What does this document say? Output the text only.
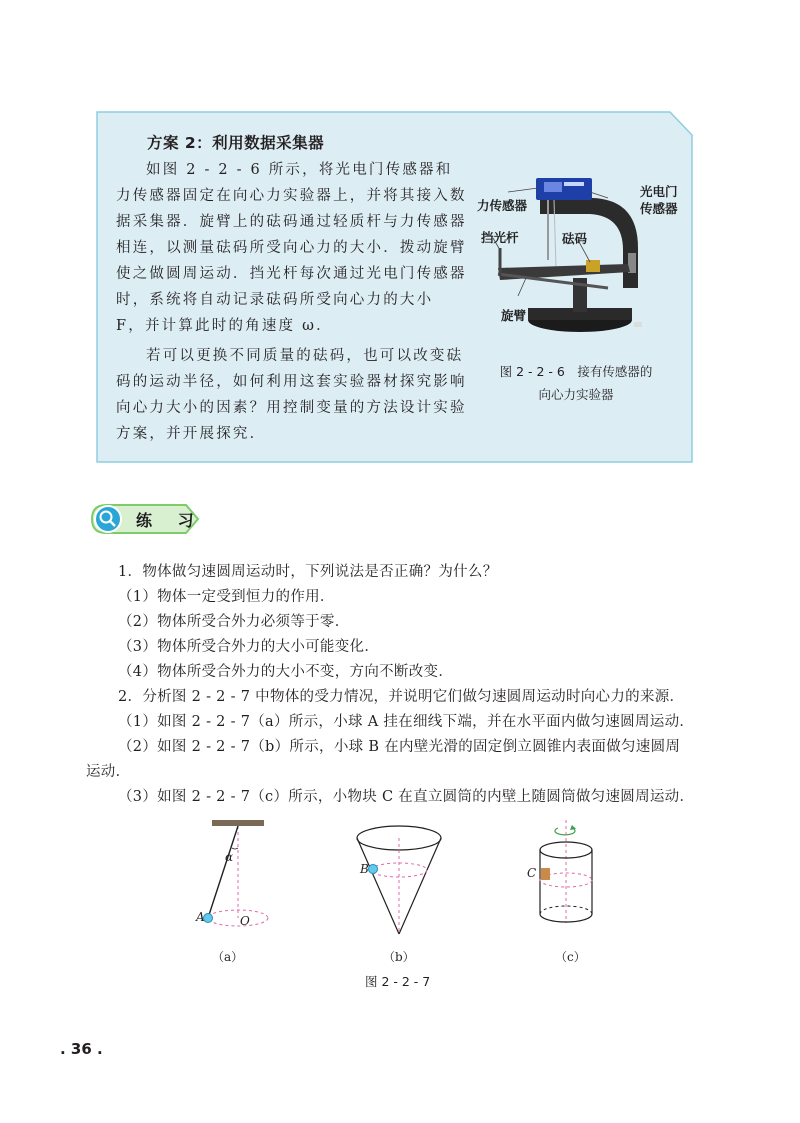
方案 2：利用数据采集器

如图 2 - 2 - 6 所示，将光电门传感器和力传感器固定在向心力实验器上，并将其接入数据采集器．旋臂上的砝码通过轻质杆与力传感器相连，以测量砝码所受向心力的大小．拨动旋臂使之做圆周运动．挡光杆每次通过光电门传感器时，系统将自动记录砝码所受向心力的大小 F，并计算此时的角速度 ω．

若可以更换不同质量的砝码，也可以改变砝码的运动半径，如何利用这套实验器材探究影响向心力大小的因素？用控制变量的方法设计实验方案，并开展探究．

力传感器
光电门
传感器
挡光杆	砝码
旋臂
图 2 - 2 - 6　接有传感器的
向心力实验器
练 习
1．物体做匀速圆周运动时，下列说法是否正确？为什么？
（1）物体一定受到恒力的作用．
（2）物体所受合外力必须等于零．
（3）物体所受合外力的大小可能变化．
（4）物体所受合外力的大小不变，方向不断改变．
2．分析图 2 - 2 - 7 中物体的受力情况，并说明它们做匀速圆周运动时向心力的来源．
（1）如图 2 - 2 - 7（a）所示，小球 A 挂在细线下端，并在水平面内做匀速圆周运动．
（2）如图 2 - 2 - 7（b）所示，小球 B 在内壁光滑的固定倒立圆锥内表面做匀速圆周
运动．
（3）如图 2 - 2 - 7（c）所示，小物块 C 在直立圆筒的内壁上随圆筒做匀速圆周运动．
α
A	O
B	C
（a）	（b）	（c）
图 2 - 2 - 7
. 36 .
